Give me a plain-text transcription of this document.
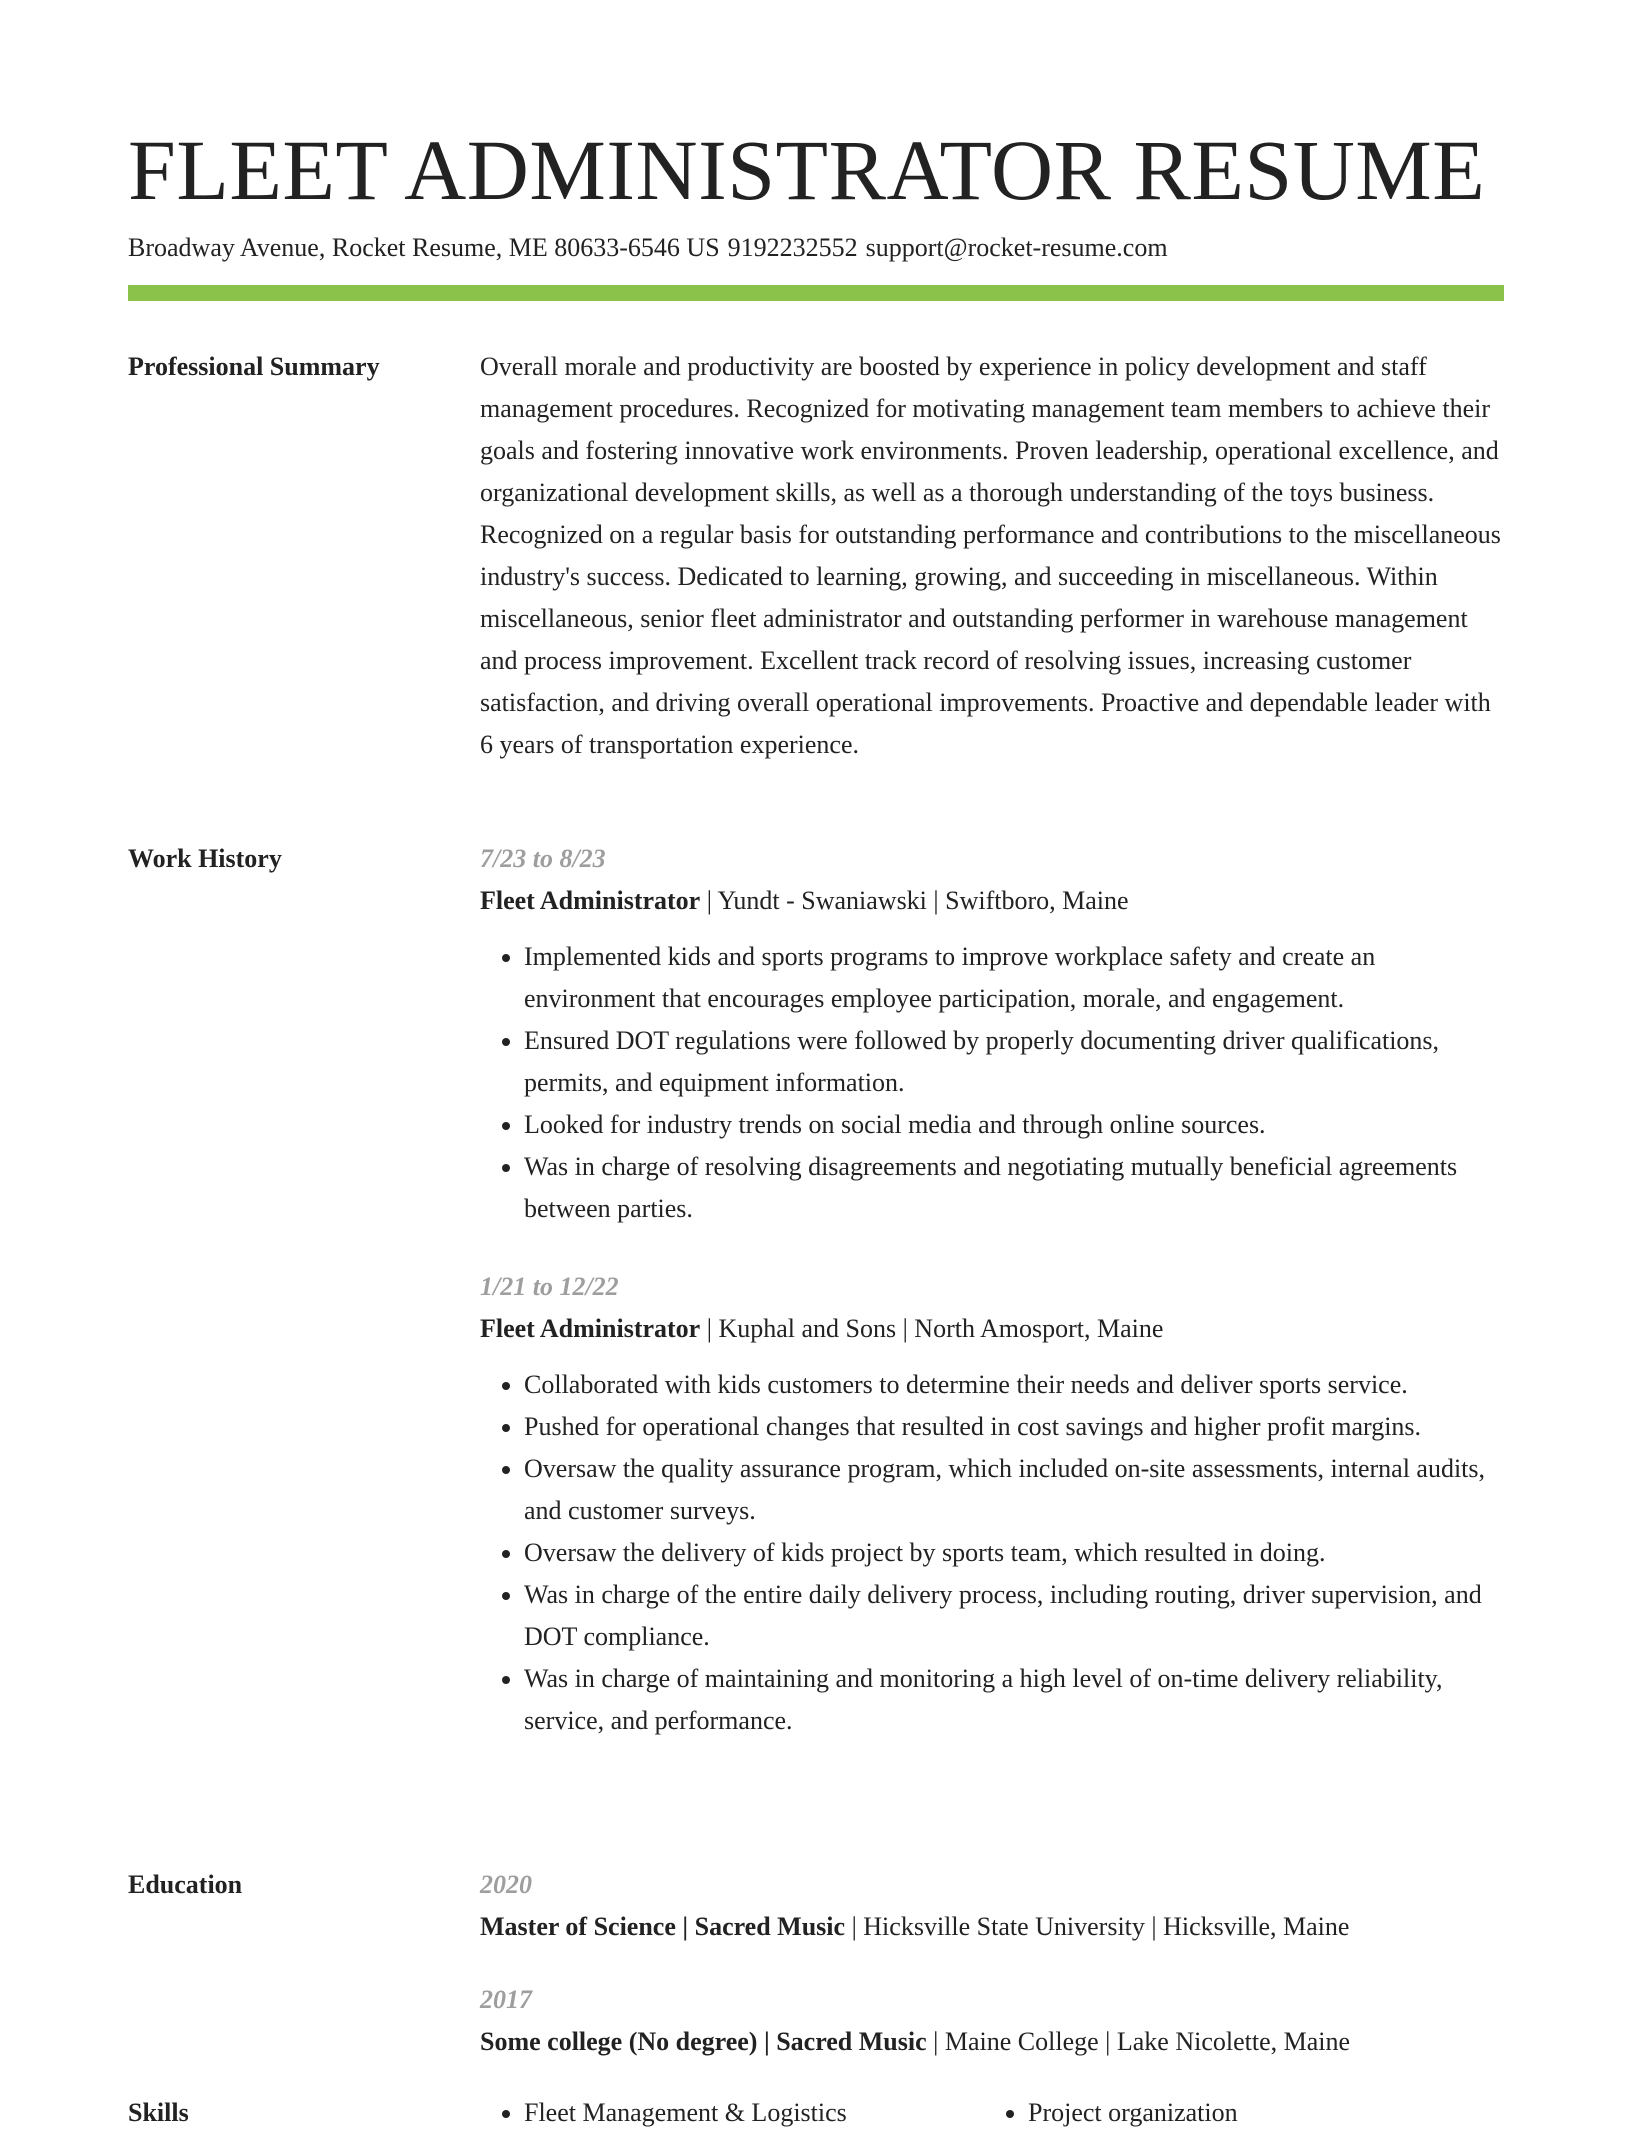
FLEET ADMINISTRATOR RESUME
Broadway Avenue, Rocket Resume, ME 80633-6546 US 9192232552 support@rocket-resume.com
Professional Summary	Overall morale and productivity are boosted by experience in policy development and staff management procedures. Recognized for motivating management team members to achieve their goals and fostering innovative work environments. Proven leadership, operational excellence, and organizational development skills, as well as a thorough understanding of the toys business. Recognized on a regular basis for outstanding performance and contributions to the miscellaneous industry's success. Dedicated to learning, growing, and succeeding in miscellaneous. Within miscellaneous, senior fleet administrator and outstanding performer in warehouse management and process improvement. Excellent track record of resolving issues, increasing customer satisfaction, and driving overall operational improvements. Proactive and dependable leader with 6 years of transportation experience.

Work History	7/23 to 8/23
Fleet Administrator | Yundt - Swaniawski | Swiftboro, Maine
• Implemented kids and sports programs to improve workplace safety and create an environment that encourages employee participation, morale, and engagement.
• Ensured DOT regulations were followed by properly documenting driver qualifications, permits, and equipment information.
• Looked for industry trends on social media and through online sources.
• Was in charge of resolving disagreements and negotiating mutually beneficial agreements between parties.
1/21 to 12/22
Fleet Administrator | Kuphal and Sons | North Amosport, Maine
• Collaborated with kids customers to determine their needs and deliver sports service.
• Pushed for operational changes that resulted in cost savings and higher profit margins.
• Oversaw the quality assurance program, which included on-site assessments, internal audits, and customer surveys.
• Oversaw the delivery of kids project by sports team, which resulted in doing.
• Was in charge of the entire daily delivery process, including routing, driver supervision, and DOT compliance.
• Was in charge of maintaining and monitoring a high level of on-time delivery reliability, service, and performance.
Education	2020
Master of Science | Sacred Music | Hicksville State University | Hicksville, Maine
2017
Some college (No degree) | Sacred Music | Maine College | Lake Nicolette, Maine
Skills	• Fleet Management & Logistics	• Project organization
